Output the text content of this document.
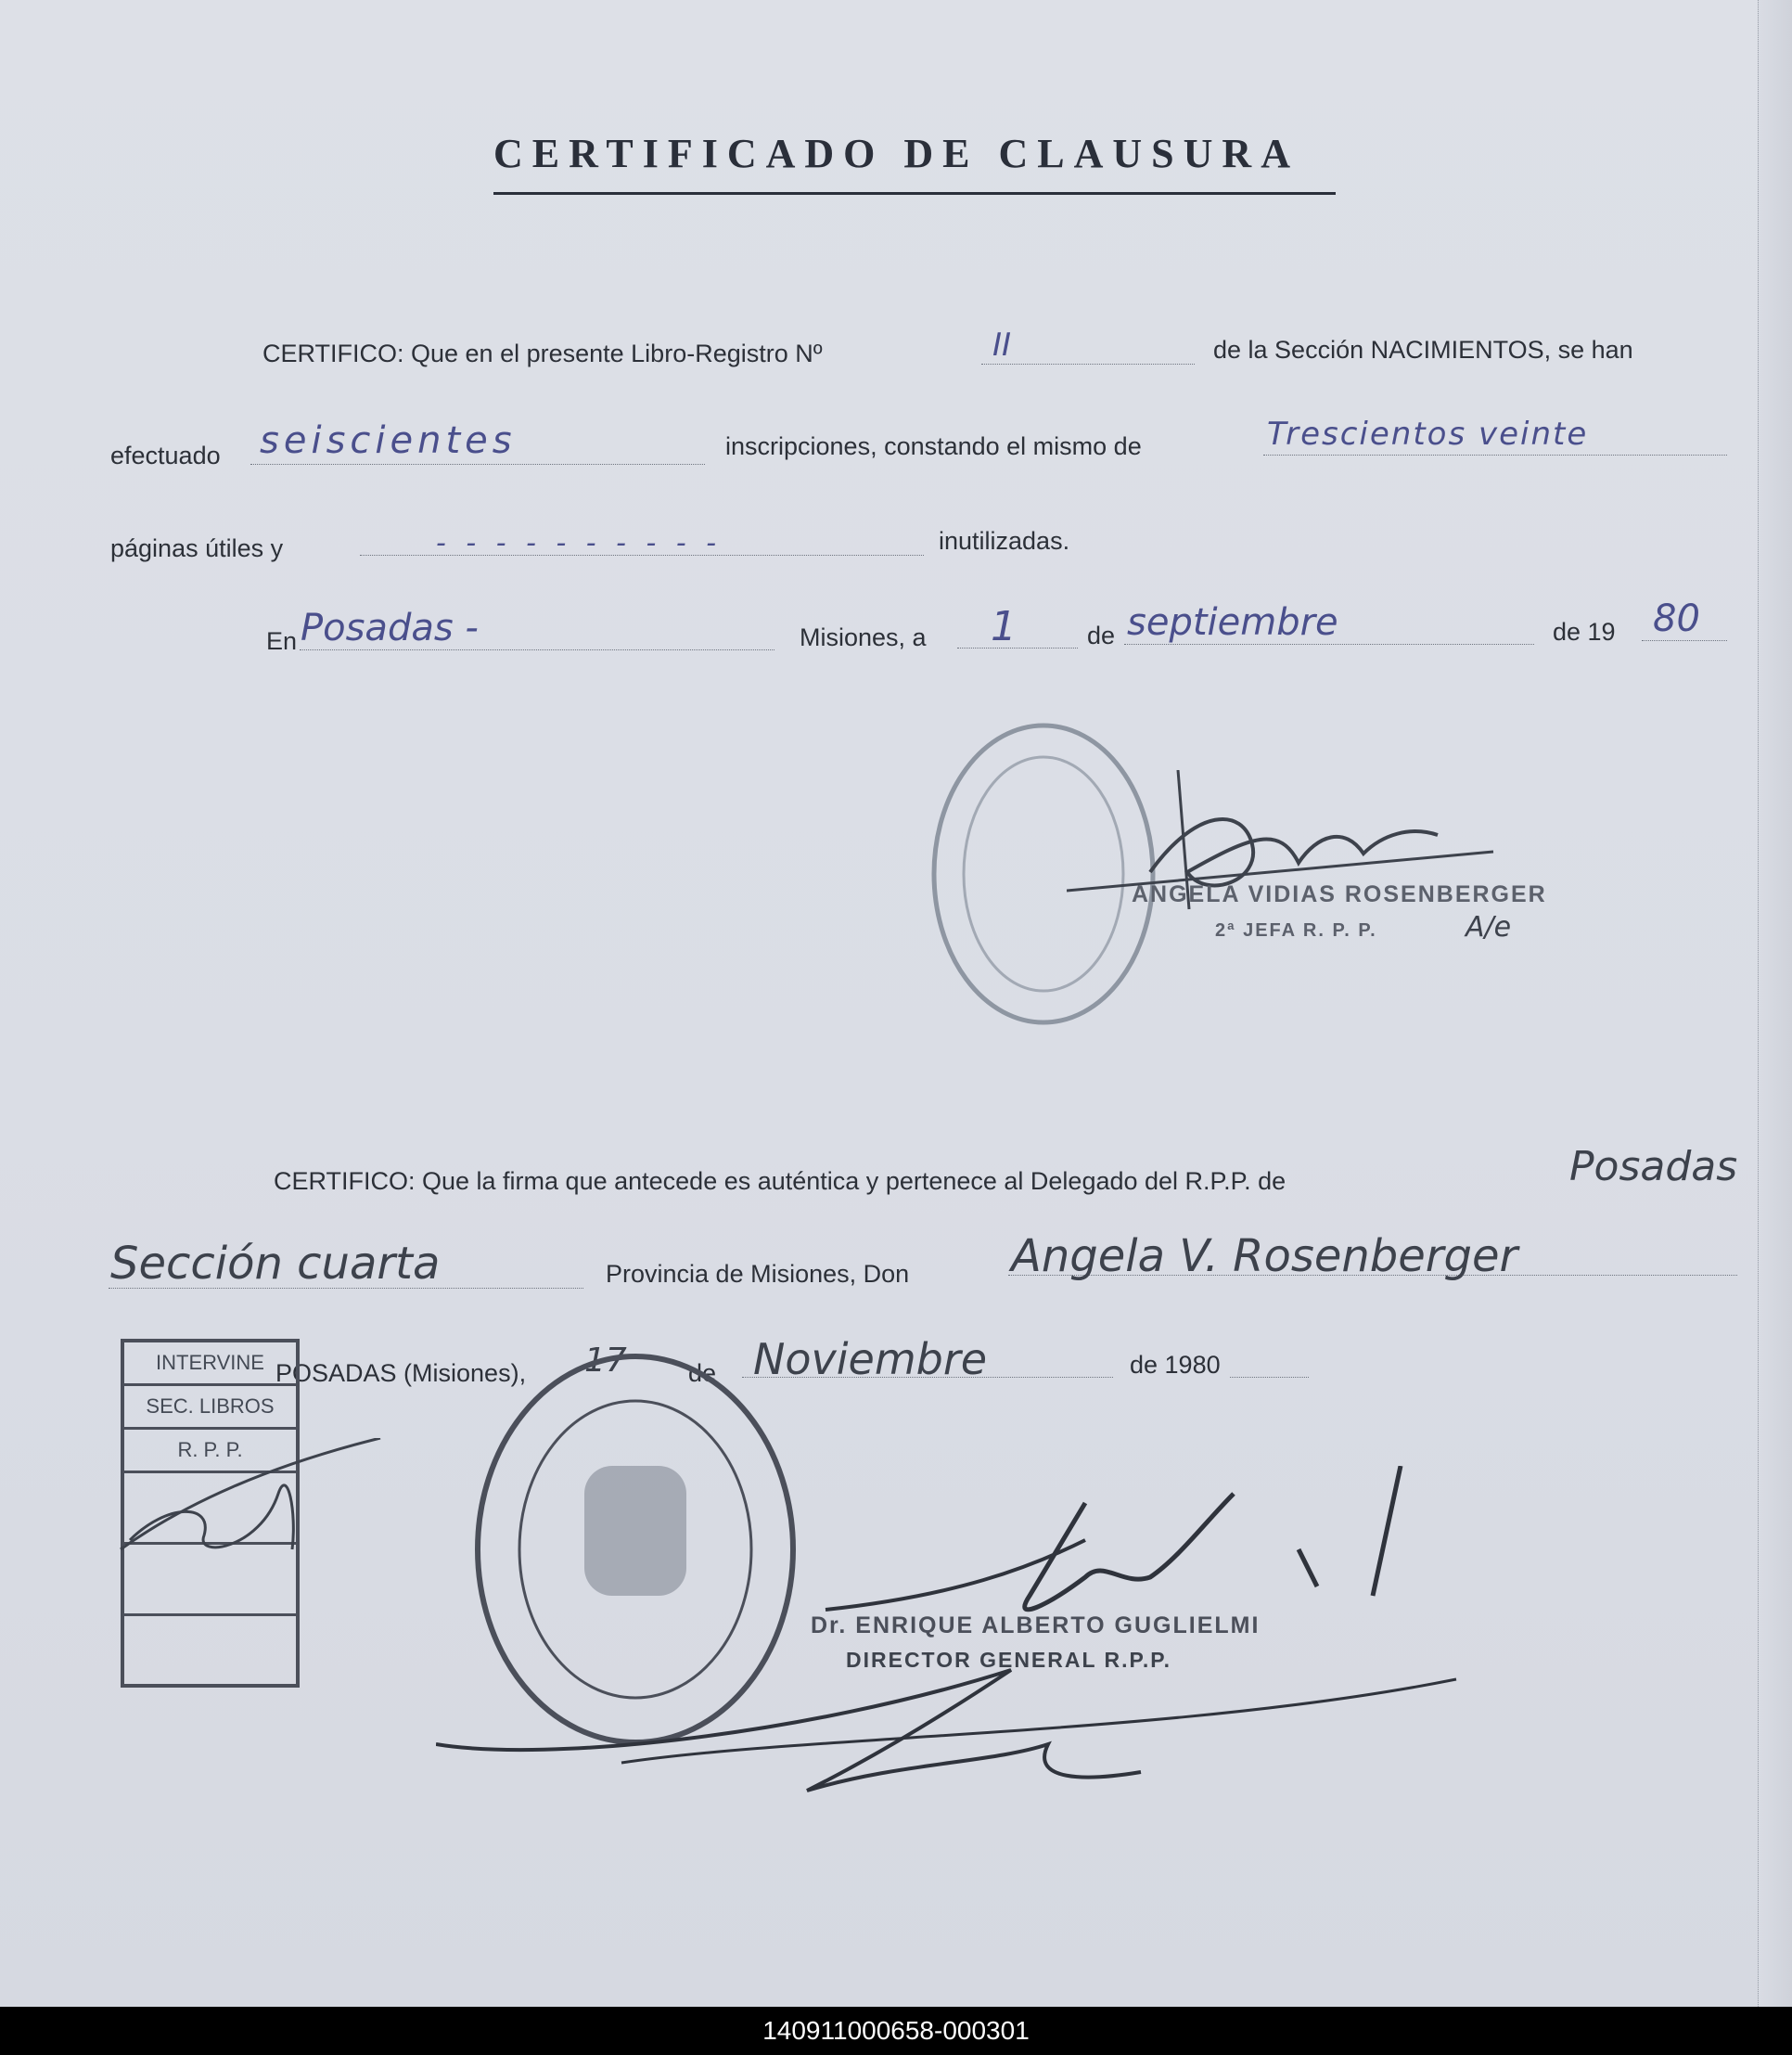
CERTIFICADO DE CLAUSURA
CERTIFICO: Que en el presente Libro-Registro Nº	II	de la Sección NACIMIENTOS, se han
efectuado seiscientes	inscripciones, constando el mismo de	Trescientos veinte
páginas útiles y	- - - - - - - - - -	inutilizadas.
En Posadas -	Misiones, a 1	de septiembre	de 19 80
ANGELA VIDIAS ROSENBERGER
2ª JEFA R. P. P.	A/e
CERTIFICO: Que la firma que antecede es auténtica y pertenece al Delegado del R.P.P. de	Posadas
Sección cuarta	Provincia de Misiones, Don Angela V. Rosenberger
POSADAS (Misiones), 17 de Noviembre	de 1980
INTERVINE
SEC. LIBROS
R. P. P.
Dr. ENRIQUE ALBERTO GUGLIELMI
DIRECTOR GENERAL R.P.P.
140911000658-000301
